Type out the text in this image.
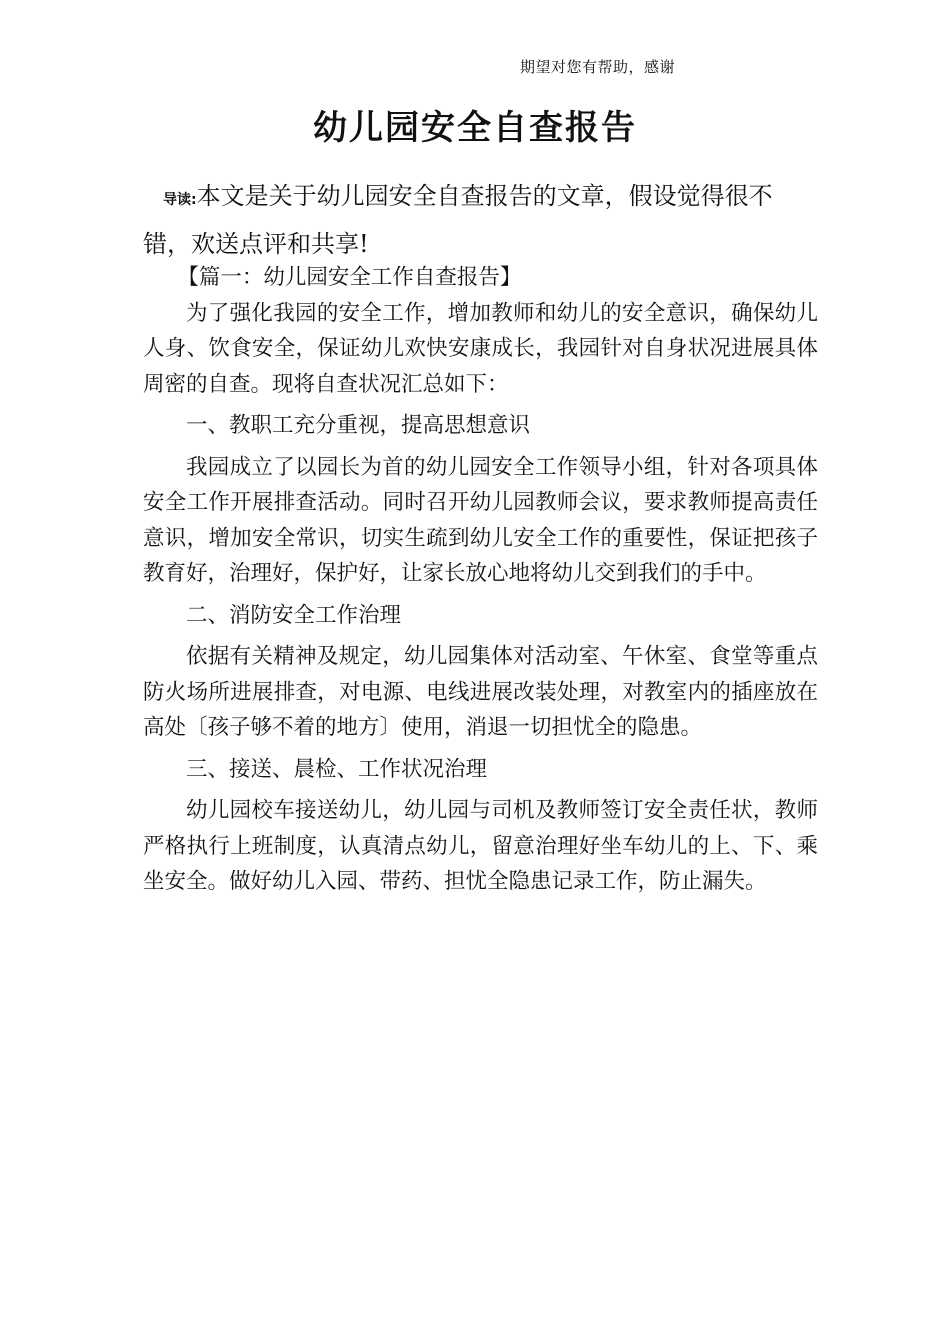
期望对您有帮助，感谢
幼儿园安全自查报告

导读:本文是关于幼儿园安全自查报告的文章，假设觉得很不错，欢送点评和共享!

【篇一：幼儿园安全工作自查报告】

为了强化我园的安全工作，增加教师和幼儿的安全意识，确保幼儿人身、饮食安全，保证幼儿欢快安康成长，我园针对自身状况进展具体周密的自查。现将自查状况汇总如下：

一、教职工充分重视，提高思想意识

我园成立了以园长为首的幼儿园安全工作领导小组，针对各项具体安全工作开展排查活动。同时召开幼儿园教师会议，要求教师提高责任意识，增加安全常识，切实生疏到幼儿安全工作的重要性，保证把孩子教育好，治理好，保护好，让家长放心地将幼儿交到我们的手中。

二、消防安全工作治理

依据有关精神及规定，幼儿园集体对活动室、午休室、食堂等重点防火场所进展排查，对电源、电线进展改装处理，对教室内的插座放在高处〔孩子够不着的地方〕使用，消退一切担忧全的隐患。

三、接送、晨检、工作状况治理

幼儿园校车接送幼儿，幼儿园与司机及教师签订安全责任状，教师严格执行上班制度，认真清点幼儿，留意治理好坐车幼儿的上、下、乘坐安全。做好幼儿入园、带药、担忧全隐患记录工作，防止漏失。
